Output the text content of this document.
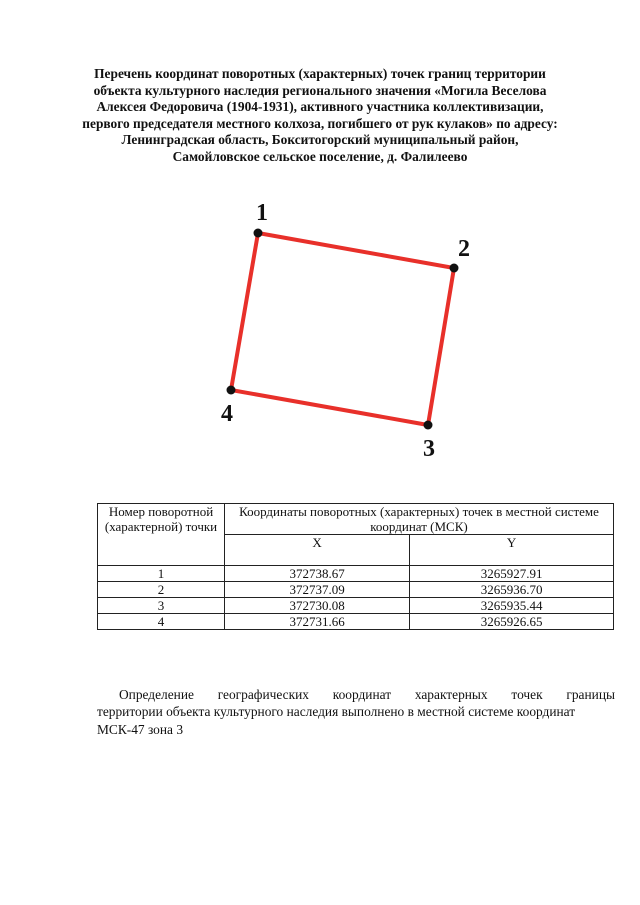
Перечень координат поворотных (характерных) точек границ территории
объекта культурного наследия регионального значения «Могила Веселова
Алексея Федоровича (1904-1931), активного участника коллективизации,
первого председателя местного колхоза, погибшего от рук кулаков» по адресу:
Ленинградская область, Бокситогорский муниципальный район,
Самойловское сельское поселение, д. Фалилеево
1
2
3
4
Номер поворотной (характерной) точки	Координаты поворотных (характерных) точек в местной системе координат (МСК)	
	X	Y
1	372738.67	3265927.91
2	372737.09	3265936.70
3	372730.08	3265935.44
4	372731.66	3265926.65
Определение географических координат характерных точек границы
территории объекта культурного наследия выполнено в местной системе координат
МСК-47 зона 3
